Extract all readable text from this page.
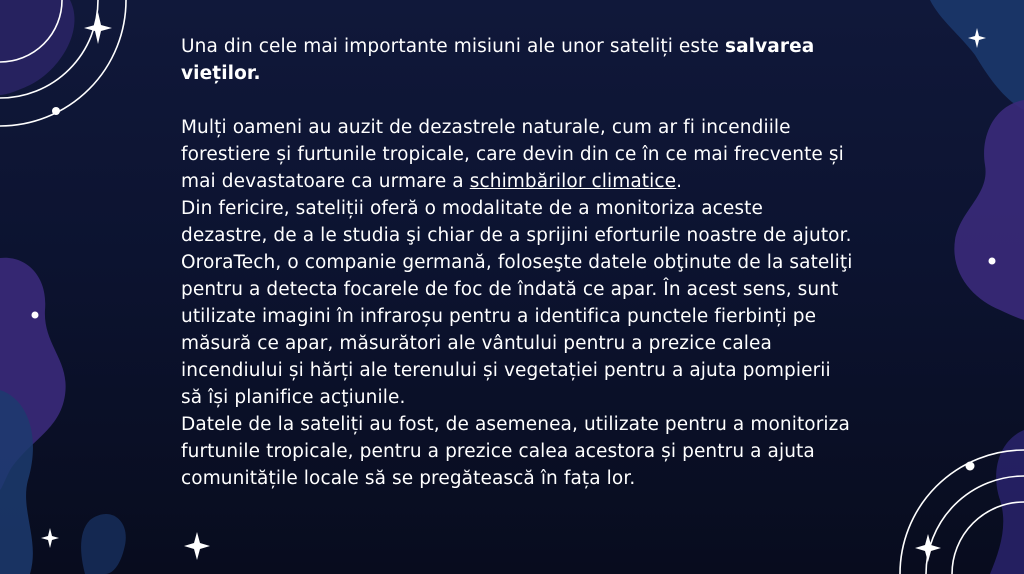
Una din cele mai importante misiuni ale unor sateliți este salvarea vieților.

Mulți oameni au auzit de dezastrele naturale, cum ar fi incendiile forestiere și furtunile tropicale, care devin din ce în ce mai frecvente și mai devastatoare ca urmare a schimbărilor climatice.

Din fericire, sateliții oferă o modalitate de a monitoriza aceste dezastre, de a le studia şi chiar de a sprijini eforturile noastre de ajutor.

OroraTech, o companie germană, foloseşte datele obţinute de la sateliţi pentru a detecta focarele de foc de îndată ce apar. În acest sens, sunt utilizate imagini în infraroșu pentru a identifica punctele fierbinți pe măsură ce apar, măsurători ale vântului pentru a prezice calea incendiului și hărți ale terenului și vegetației pentru a ajuta pompierii să își planifice acţiunile.

Datele de la sateliți au fost, de asemenea, utilizate pentru a monitoriza furtunile tropicale, pentru a prezice calea acestora și pentru a ajuta comunitățile locale să se pregătească în fața lor.
